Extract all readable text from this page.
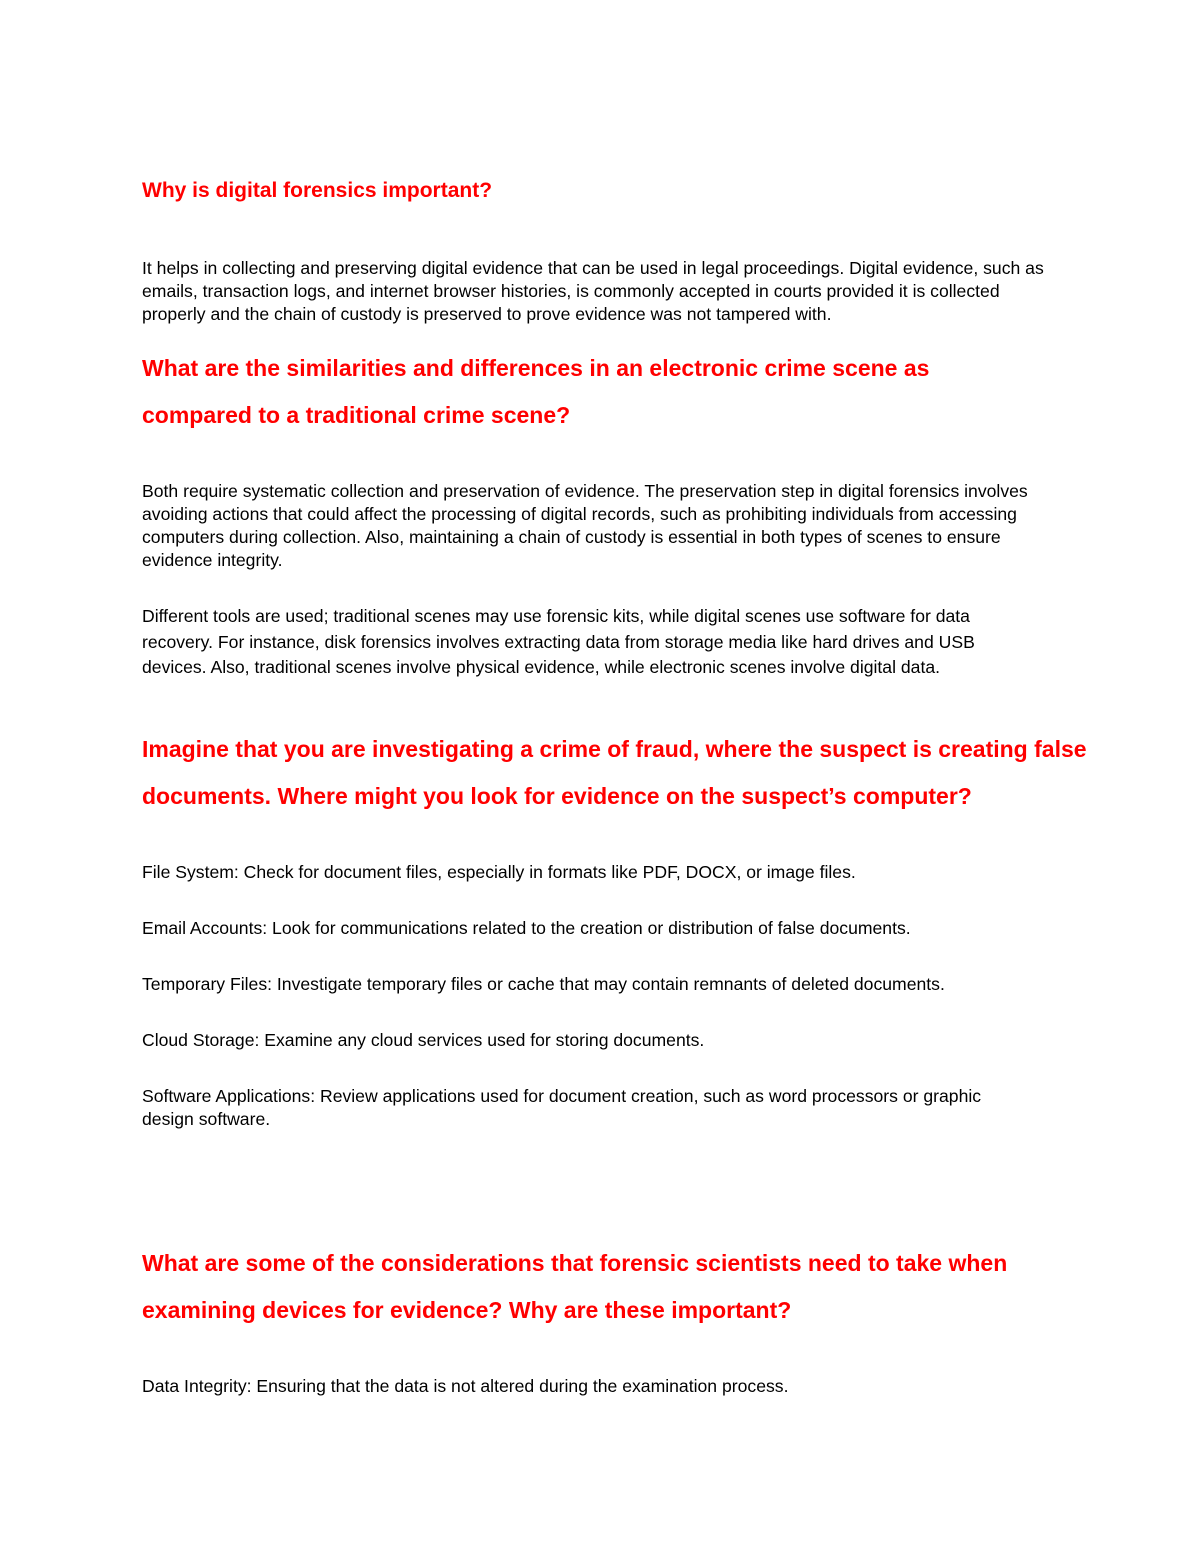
Why is digital forensics important?

It helps in collecting and preserving digital evidence that can be used in legal proceedings. Digital evidence, such as emails, transaction logs, and internet browser histories, is commonly accepted in courts provided it is collected properly and the chain of custody is preserved to prove evidence was not tampered with.

What are the similarities and differences in an electronic crime scene as compared to a traditional crime scene?

Both require systematic collection and preservation of evidence. The preservation step in digital forensics involves avoiding actions that could affect the processing of digital records, such as prohibiting individuals from accessing computers during collection. Also, maintaining a chain of custody is essential in both types of scenes to ensure evidence integrity.

Different tools are used; traditional scenes may use forensic kits, while digital scenes use software for data recovery. For instance, disk forensics involves extracting data from storage media like hard drives and USB devices. Also, traditional scenes involve physical evidence, while electronic scenes involve digital data.

Imagine that you are investigating a crime of fraud, where the suspect is creating false documents. Where might you look for evidence on the suspect’s computer?

File System: Check for document files, especially in formats like PDF, DOCX, or image files.

Email Accounts: Look for communications related to the creation or distribution of false documents.

Temporary Files: Investigate temporary files or cache that may contain remnants of deleted documents.

Cloud Storage: Examine any cloud services used for storing documents.

Software Applications: Review applications used for document creation, such as word processors or graphic design software.

What are some of the considerations that forensic scientists need to take when examining devices for evidence? Why are these important?

Data Integrity: Ensuring that the data is not altered during the examination process.
